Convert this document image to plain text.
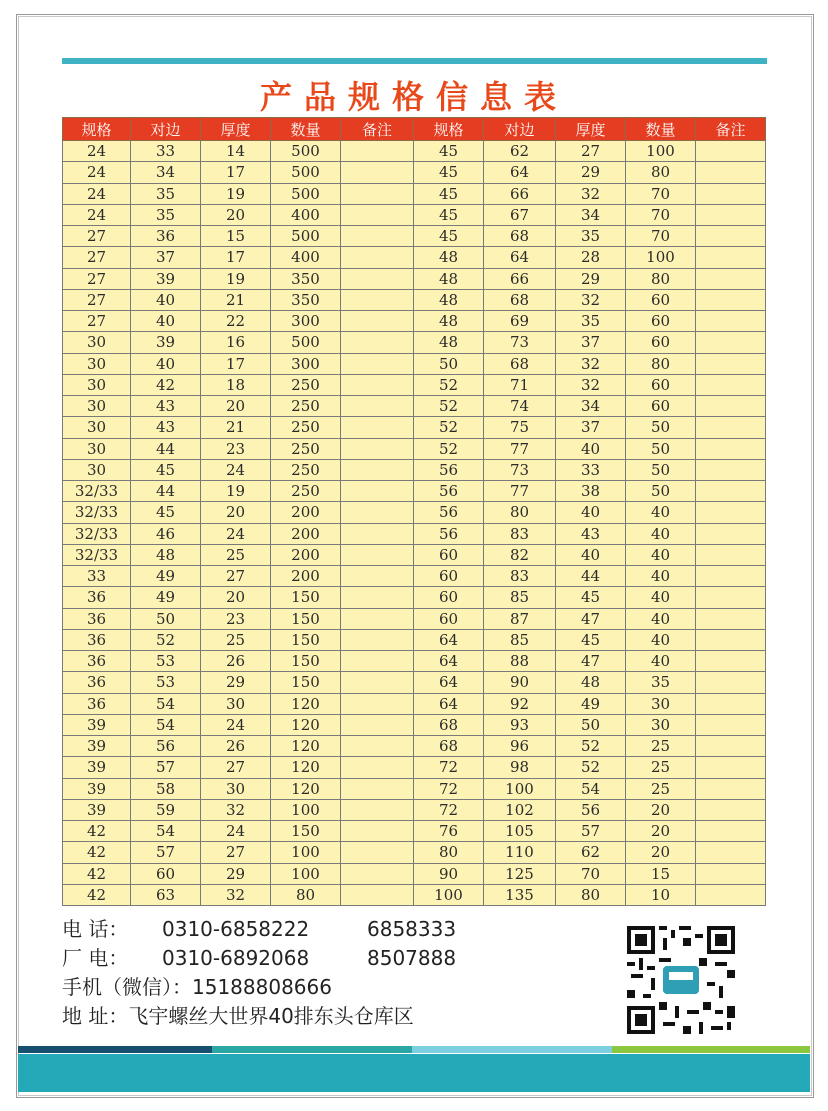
产品规格信息表
规格	对边	厚度	数量	备注	规格	对边	厚度	数量	备注
24	33	14	500		45	62	27	100	
24	34	17	500		45	64	29	80	
24	35	19	500		45	66	32	70	
24	35	20	400		45	67	34	70	
27	36	15	500		45	68	35	70	
27	37	17	400		48	64	28	100	
27	39	19	350		48	66	29	80	
27	40	21	350		48	68	32	60	
27	40	22	300		48	69	35	60	
30	39	16	500		48	73	37	60	
30	40	17	300		50	68	32	80	
30	42	18	250		52	71	32	60	
30	43	20	250		52	74	34	60	
30	43	21	250		52	75	37	50	
30	44	23	250		52	77	40	50	
30	45	24	250		56	73	33	50	
32/33	44	19	250		56	77	38	50	
32/33	45	20	200		56	80	40	40	
32/33	46	24	200		56	83	43	40	
32/33	48	25	200		60	82	40	40	
33	49	27	200		60	83	44	40	
36	49	20	150		60	85	45	40	
36	50	23	150		60	87	47	40	
36	52	25	150		64	85	45	40	
36	53	26	150		64	88	47	40	
36	53	29	150		64	90	48	35	
36	54	30	120		64	92	49	30	
39	54	24	120		68	93	50	30	
39	56	26	120		68	96	52	25	
39	57	27	120		72	98	52	25	
39	58	30	120		72	100	54	25	
39	59	32	100		72	102	56	20	
42	54	24	150		76	105	57	20	
42	57	27	100		80	110	62	20	
42	60	29	100		90	125	70	15	
42	63	32	80		100	135	80	10	
电 话： 0310-6858222	6858333
厂 电： 0310-6892068	8507888
手机（微信）：15188808666
地 址：飞宇螺丝大世界40排东头仓库区
